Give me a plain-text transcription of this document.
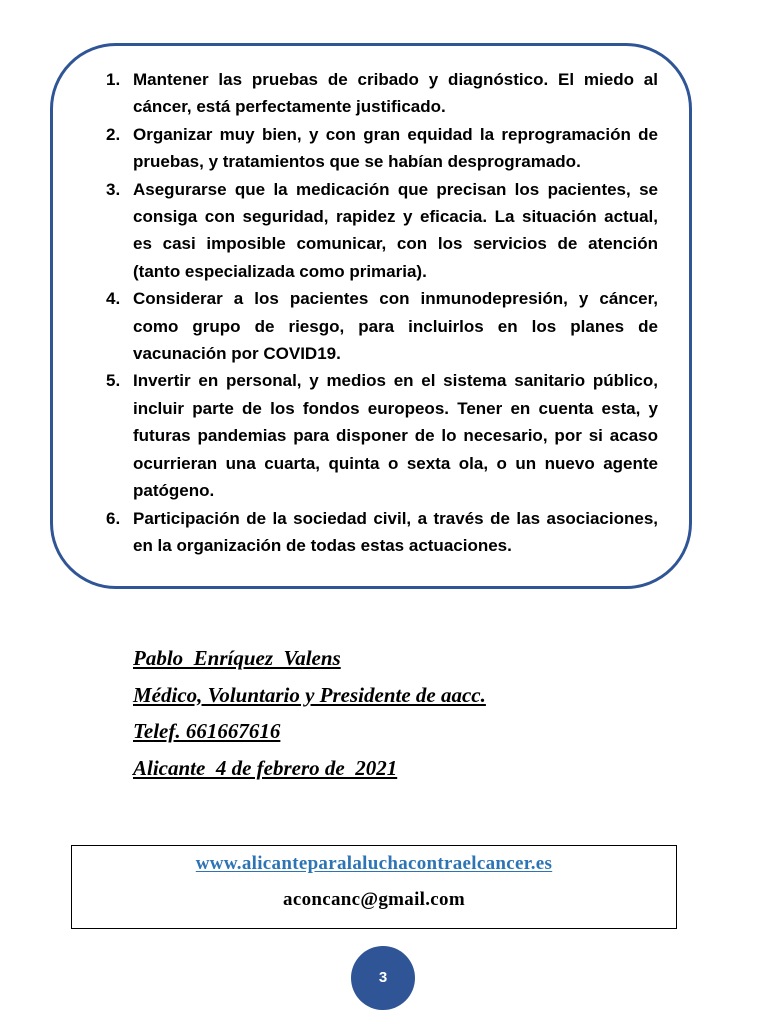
1. Mantener las pruebas de cribado y diagnóstico. El miedo al cáncer, está perfectamente justificado.
2. Organizar muy bien, y con gran equidad la reprogramación de pruebas, y tratamientos que se habían desprogramado.
3. Asegurarse que la medicación que precisan los pacientes, se consiga con seguridad, rapidez y eficacia. La situación actual, es casi imposible comunicar, con los servicios de atención (tanto especializada como primaria).
4. Considerar a los pacientes con inmunodepresión, y cáncer, como grupo de riesgo, para incluirlos en los planes de vacunación por COVID19.
5. Invertir en personal, y medios en el sistema sanitario público, incluir parte de los fondos europeos. Tener en cuenta esta, y futuras pandemias para disponer de lo necesario, por si acaso ocurrieran una cuarta, quinta o sexta ola, o un nuevo agente patógeno.
6. Participación de la sociedad civil, a través de las asociaciones, en la organización de todas estas actuaciones.
Pablo  Enríquez  Valens
Médico, Voluntario y Presidente de aacc.
Telef. 661667616
Alicante  4 de febrero de  2021
www.alicanteparalaluchacontraelcancer.es
aconcanc@gmail.com
3
